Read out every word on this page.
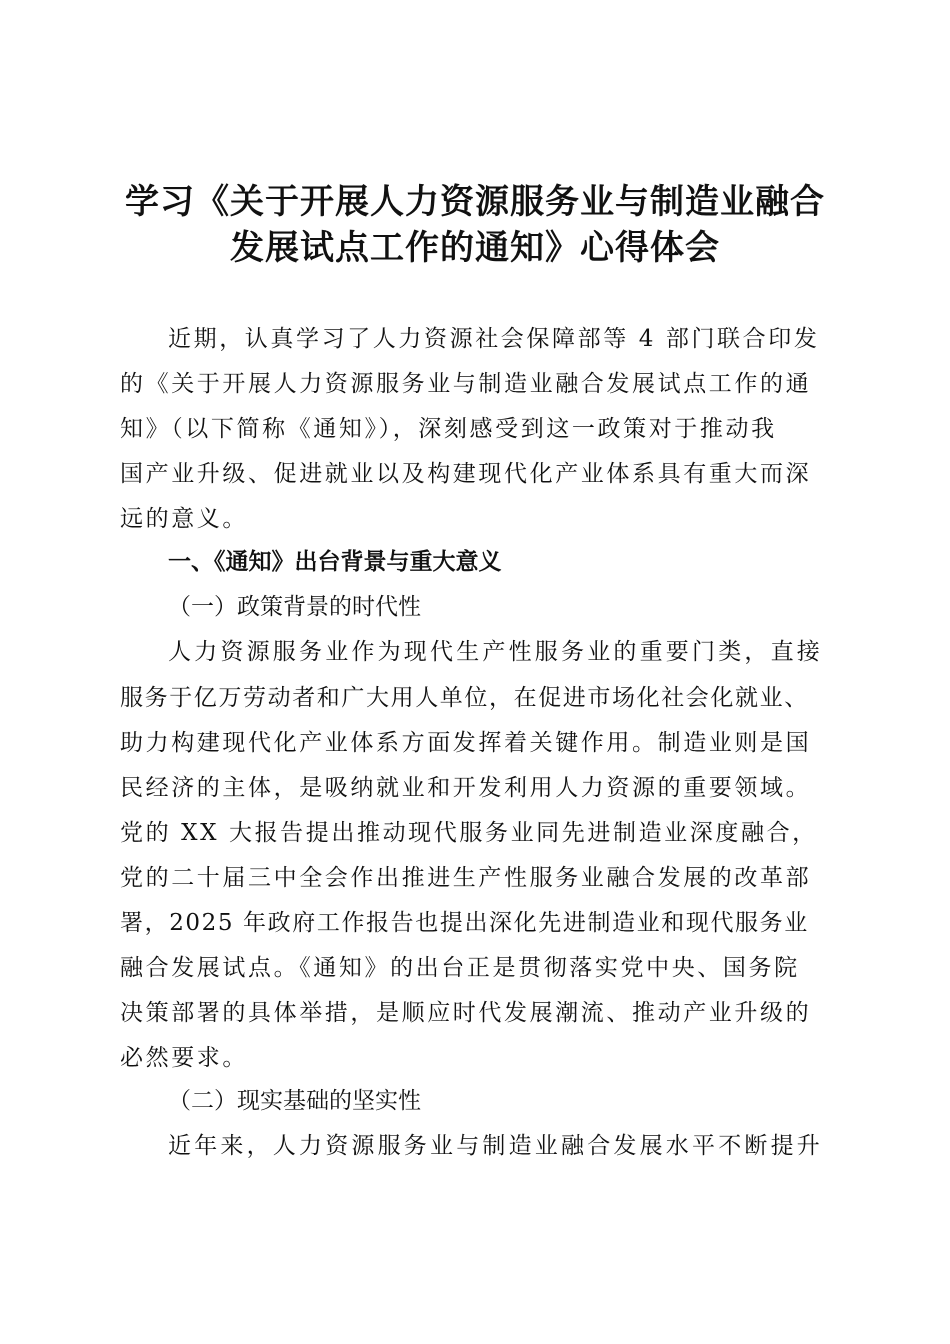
学习《关于开展人力资源服务业与制造业融合
发展试点工作的通知》心得体会
近期，认真学习了人力资源社会保障部等 4 部门联合印发
的《关于开展人力资源服务业与制造业融合发展试点工作的通
知》（以下简称《通知》），深刻感受到这一政策对于推动我
国产业升级、促进就业以及构建现代化产业体系具有重大而深
远的意义。
一、《通知》出台背景与重大意义
（一）政策背景的时代性
人力资源服务业作为现代生产性服务业的重要门类，直接
服务于亿万劳动者和广大用人单位，在促进市场化社会化就业、
助力构建现代化产业体系方面发挥着关键作用。制造业则是国
民经济的主体，是吸纳就业和开发利用人力资源的重要领域。
党的 XX 大报告提出推动现代服务业同先进制造业深度融合，
党的二十届三中全会作出推进生产性服务业融合发展的改革部
署，2025 年政府工作报告也提出深化先进制造业和现代服务业
融合发展试点。《通知》的出台正是贯彻落实党中央、国务院
决策部署的具体举措，是顺应时代发展潮流、推动产业升级的
必然要求。
（二）现实基础的坚实性
近年来，人力资源服务业与制造业融合发展水平不断提升
